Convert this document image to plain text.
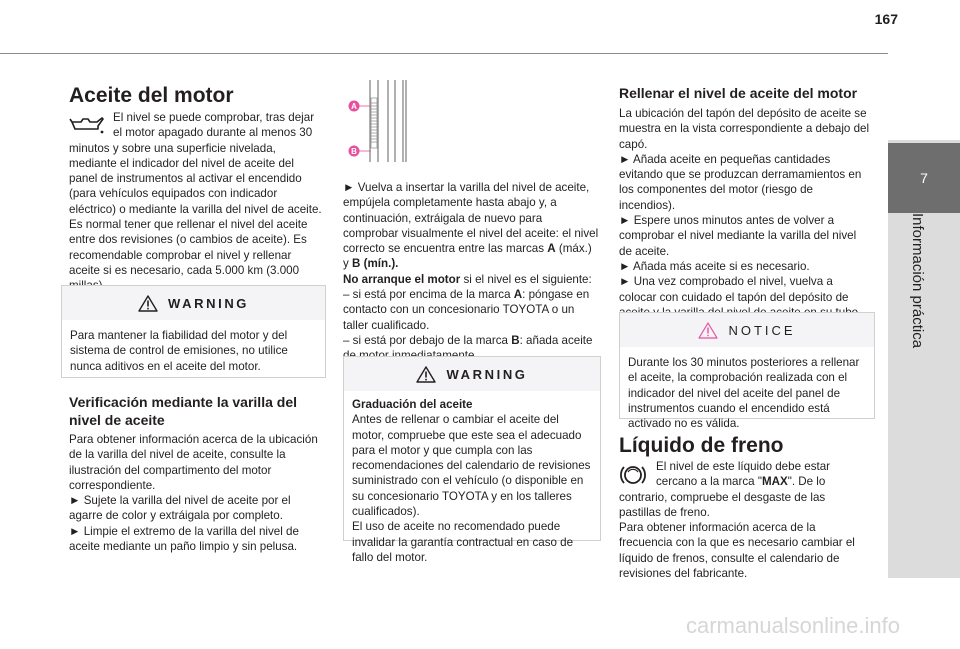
167
7
Información práctica
Aceite del motor

El nivel se puede comprobar, tras dejar el motor apagado durante al menos 30 minutos y sobre una superficie nivelada, mediante el indicador del nivel de aceite del panel de instrumentos al activar el encendido (para vehículos equipados con indicador eléctrico) o mediante la varilla del nivel de aceite.

Es normal tener que rellenar el nivel del aceite entre dos revisiones (o cambios de aceite). Es recomendable comprobar el nivel y rellenar aceite si es necesario, cada 5.000 km (3.000

WARNING
Para mantener la fiabilidad del motor y del sistema de control de emisiones, no utilice nunca aditivos en el aceite del motor.
Verificación mediante la varilla del nivel de aceite

Para obtener información acerca de la ubicación de la varilla del nivel de aceite, consulte la ilustración del compartimento del motor correspondiente.

► Sujete la varilla del nivel de aceite por el agarre de color y extráigala por completo.

► Limpie el extremo de la varilla del nivel de aceite mediante un paño limpio y sin pelusa.

A
B

► Vuelva a insertar la varilla del nivel de aceite, empújela completamente hasta abajo y, a continuación, extráigala de nuevo para comprobar visualmente el nivel del aceite: el nivel correcto se encuentra entre las marcas A (máx.) y B (mín.).

No arranque el motor si el nivel es el siguiente:

– si está por encima de la marca A: póngase en contacto con un concesionario TOYOTA o un taller cualificado.

– si está por debajo de la marca B: añada aceite

WARNING

Graduación del aceite

Antes de rellenar o cambiar el aceite del motor, compruebe que este sea el adecuado para el motor y que cumpla con las recomendaciones del calendario de revisiones suministrado con el vehículo (o disponible en su concesionario TOYOTA y en los talleres cualificados).

El uso de aceite no recomendado puede invalidar la garantía contractual en caso de fallo del motor.

Rellenar el nivel de aceite del motor

La ubicación del tapón del depósito de aceite se muestra en la vista correspondiente a debajo del capó.

► Añada aceite en pequeñas cantidades evitando que se produzcan derramamientos en los componentes del motor (riesgo de incendios).

► Espere unos minutos antes de volver a comprobar el nivel mediante la varilla del nivel de aceite.

► Añada más aceite si es necesario.

► Una vez comprobado el nivel, vuelva a colocar con cuidado el tapón del depósito de

NOTICE
Durante los 30 minutos posteriores a rellenar el aceite, la comprobación realizada con el indicador del nivel del aceite del panel de instrumentos cuando el encendido está activado no es válida.
Líquido de freno

El nivel de este líquido debe estar cercano a la marca "MAX". De lo contrario, compruebe el desgaste de las pastillas de freno.

Para obtener información acerca de la frecuencia con la que es necesario cambiar el líquido de frenos, consulte el calendario de revisiones del fabricante.

carmanualsonline.info
